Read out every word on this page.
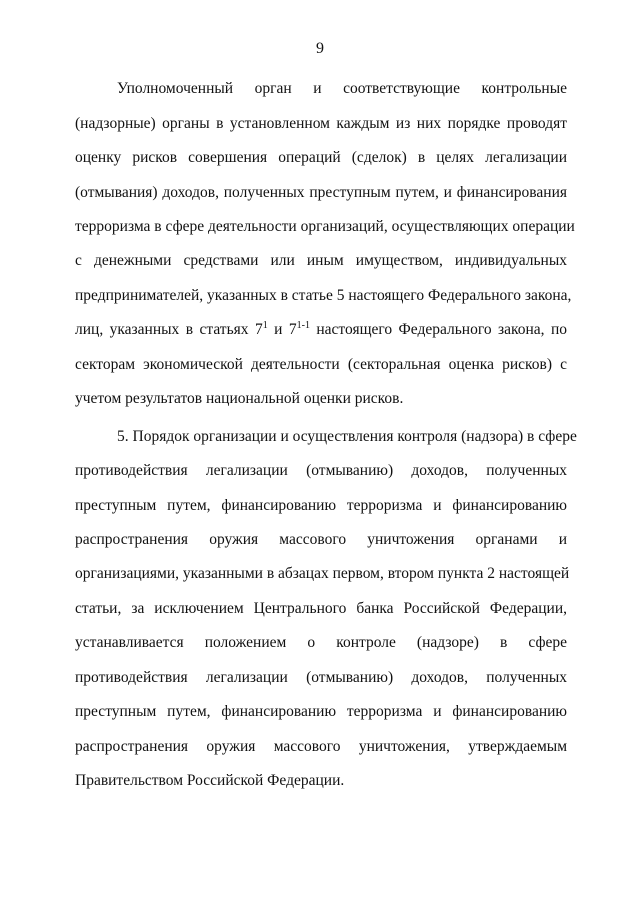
9
Уполномоченный орган и соответствующие контрольные
(надзорные) органы в установленном каждым из них порядке проводят
оценку рисков совершения операций (сделок) в целях легализации
(отмывания) доходов, полученных преступным путем, и финансирования
терроризма в сфере деятельности организаций, осуществляющих операции
с денежными средствами или иным имуществом, индивидуальных
предпринимателей, указанных в статье 5 настоящего Федерального закона,
лиц, указанных в статьях $7^1$ и 7$^{1-1}$ настоящего Федерального закона, по
секторам экономической деятельности (секторальная оценка рисков) с
учетом результатов национальной оценки рисков.
5. Порядок организации и осуществления контроля (надзора) в сфере
противодействия легализации (отмыванию) доходов, полученных
преступным путем, финансированию терроризма и финансированию
распространения оружия массового уничтожения органами и
организациями, указанными в абзацах первом, втором пункта 2 настоящей
статьи, за исключением Центрального банка Российской Федерации,
устанавливается положением о контроле (надзоре) в сфере
противодействия легализации (отмыванию) доходов, полученных
преступным путем, финансированию терроризма и финансированию
распространения оружия массового уничтожения, утверждаемым
Правительством Российской Федерации.
